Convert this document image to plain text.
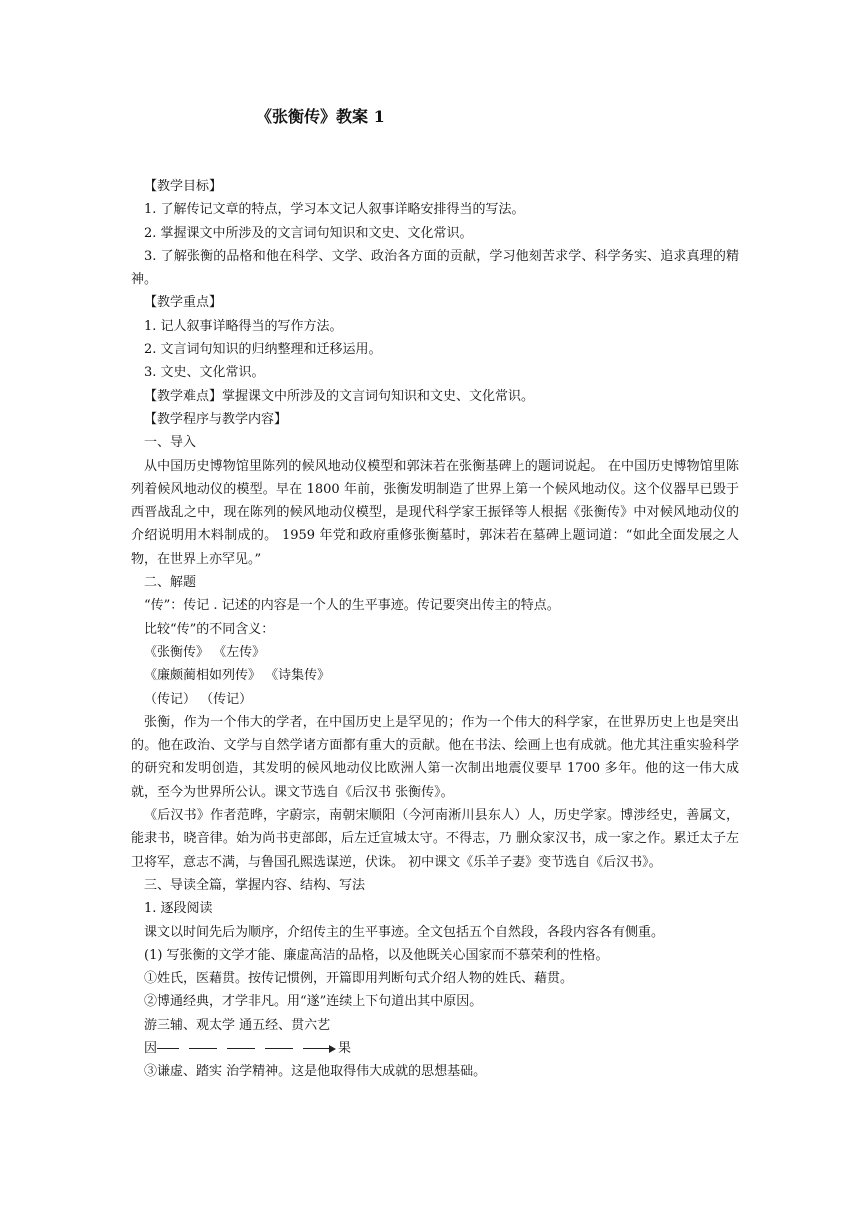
《张衡传》教案 1

【教学目标】

1. 了解传记文章的特点，学习本文记人叙事详略安排得当的写法。

2. 掌握课文中所涉及的文言词句知识和文史、文化常识。

3. 了解张衡的品格和他在科学、文学、政治各方面的贡献，学习他刻苦求学、科学务实、追求真理的精神。

【教学重点】

1. 记人叙事详略得当的写作方法。

2. 文言词句知识的归纳整理和迁移运用。

3. 文史、文化常识。

【教学难点】掌握课文中所涉及的文言词句知识和文史、文化常识。

【教学程序与教学内容】

一、导入

从中国历史博物馆里陈列的候风地动仪模型和郭沫若在张衡基碑上的题词说起。 在中国历史博物馆里陈列着候风地动仪的模型。早在 1800 年前，张衡发明制造了世界上第一个候风地动仪。这个仪器早已毁于西晋战乱之中，现在陈列的候风地动仪模型，是现代科学家王振铎等人根据《张衡传》中对候风地动仪的介绍说明用木料制成的。 1959 年党和政府重修张衡墓时，郭沫若在墓碑上题词道：“如此全面发展之人物，在世界上亦罕见。”

二、解题

“传”：传记 . 记述的内容是一个人的生平事迹。传记要突出传主的特点。

比较“传”的不同含义：

《张衡传》 《左传》

《廉颇蔺相如列传》 《诗集传》

（传记） （传记）

张衡，作为一个伟大的学者，在中国历史上是罕见的；作为一个伟大的科学家，在世界历史上也是突出的。他在政治、文学与自然学诸方面都有重大的贡献。他在书法、绘画上也有成就。他尤其注重实验科学的研究和发明创造，其发明的候风地动仪比欧洲人第一次制出地震仪要早 1700 多年。他的这一伟大成就，至今为世界所公认。课文节选自《后汉书 张衡传》。

《后汉书》作者范晔，字蔚宗，南朝宋顺阳（今河南淅川县东人）人，历史学家。博涉经史，善属文，能隶书，晓音律。始为尚书吏部郎，后左迁宣城太守。不得志，乃 删众家汉书，成一家之作。累迁太子左卫将军，意志不满，与鲁国孔熙选谋逆，伏诛。 初中课文《乐羊子妻》变节选自《后汉书》。

三、导读全篇，掌握内容、结构、写法

1. 逐段阅读

课文以时间先后为顺序，介绍传主的生平事迹。全文包括五个自然段，各段内容各有侧重。

(1) 写张衡的文学才能、廉虚高洁的品格，以及他既关心国家而不慕荣利的性格。

①姓氏，医藉贯。按传记惯例，开篇即用判断句式介绍人物的姓氏、藉贯。

②博通经典，才学非凡。用“遂”连续上下句道出其中原因。

游三辅、观太学 通五经、贯六艺

因	果

③谦虚、踏实 治学精神。这是他取得伟大成就的思想基础。
